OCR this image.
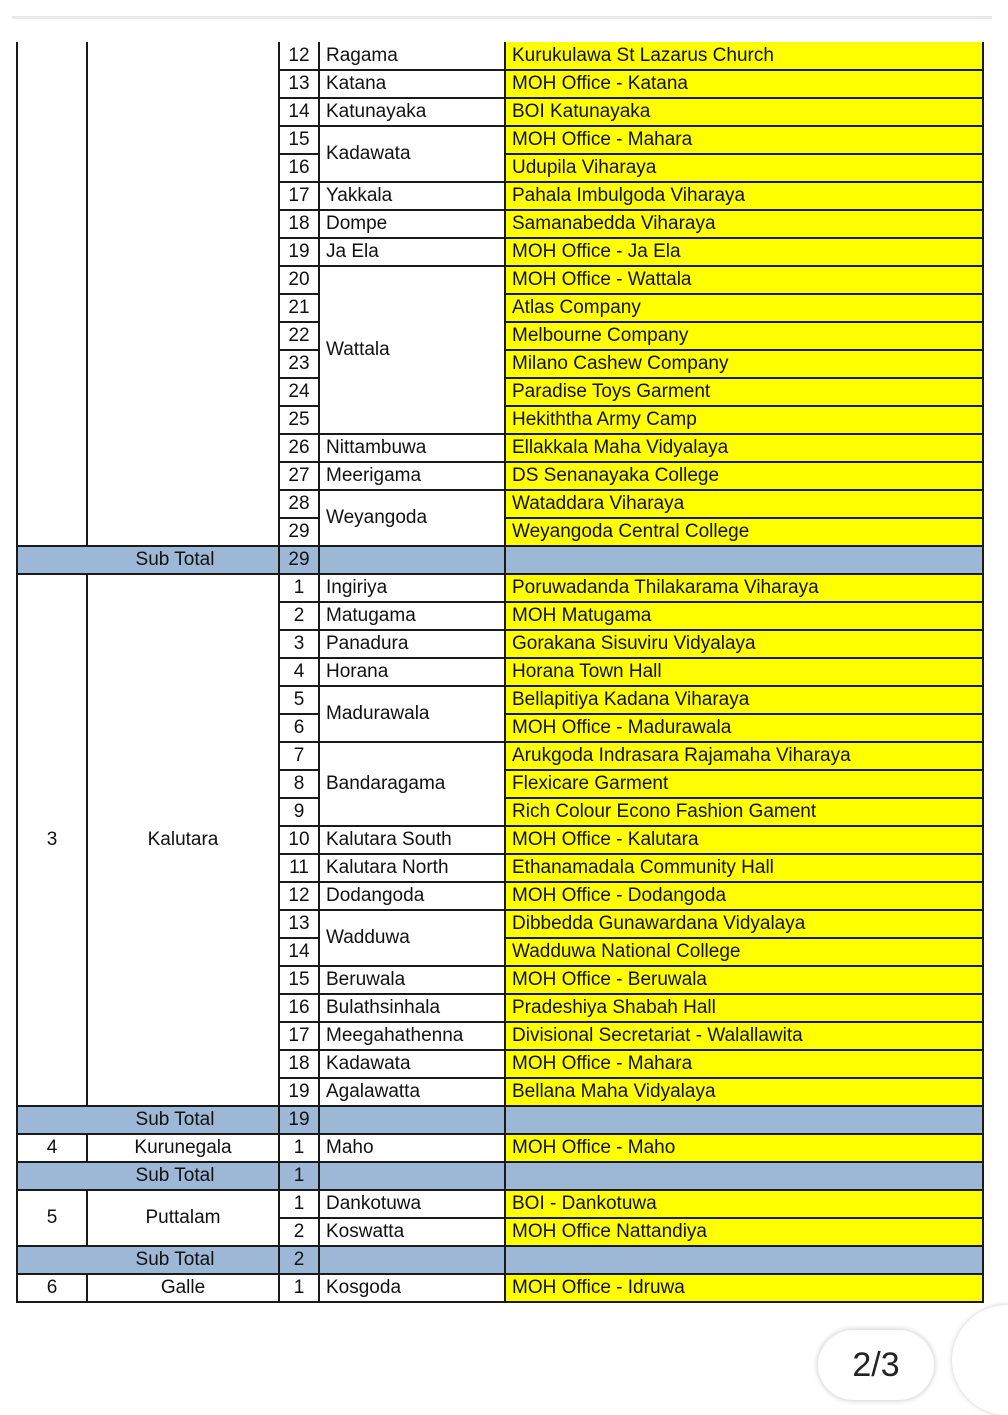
		12	Ragama	Kurukulawa St Lazarus Church
		13	Katana	MOH Office - Katana
		14	Katunayaka	BOI Katunayaka
		15	Kadawata	MOH Office - Mahara
		16		Udupila Viharaya
		17	Yakkala	Pahala Imbulgoda Viharaya
		18	Dompe	Samanabedda Viharaya
		19	Ja Ela	MOH Office - Ja Ela
		20	Wattala	MOH Office - Wattala
		21		Atlas Company
		22		Melbourne Company
		23		Milano Cashew Company
		24		Paradise Toys Garment
		25		Hekiththa Army Camp
		26	Nittambuwa	Ellakkala Maha Vidyalaya
		27	Meerigama	DS Senanayaka College
		28	Weyangoda	Wataddara Viharaya
		29		Weyangoda Central College
Sub Total		29		
3	Kalutara	1	Ingiriya	Poruwadanda Thilakarama Viharaya
		2	Matugama	MOH Matugama
		3	Panadura	Gorakana Sisuviru Vidyalaya
		4	Horana	Horana Town Hall
		5	Madurawala	Bellapitiya Kadana Viharaya
		6		MOH Office - Madurawala
		7	Bandaragama	Arukgoda Indrasara Rajamaha Viharaya
		8		Flexicare Garment
		9		Rich Colour Econo Fashion Gament
		10	Kalutara South	MOH Office - Kalutara
		11	Kalutara North	Ethanamadala Community Hall
		12	Dodangoda	MOH Office - Dodangoda
		13	Wadduwa	Dibbedda Gunawardana Vidyalaya
		14		Wadduwa National College
		15	Beruwala	MOH Office - Beruwala
		16	Bulathsinhala	Pradeshiya Shabah Hall
		17	Meegahathenna	Divisional Secretariat - Walallawita
		18	Kadawata	MOH Office - Mahara
		19	Agalawatta	Bellana Maha Vidyalaya
Sub Total		19		
4	Kurunegala	1	Maho	MOH Office - Maho
Sub Total		1		
5	Puttalam	1	Dankotuwa	BOI - Dankotuwa
		2	Koswatta	MOH Office Nattandiya
Sub Total		2		
6	Galle	1	Kosgoda	MOH Office - Idruwa
2/3
